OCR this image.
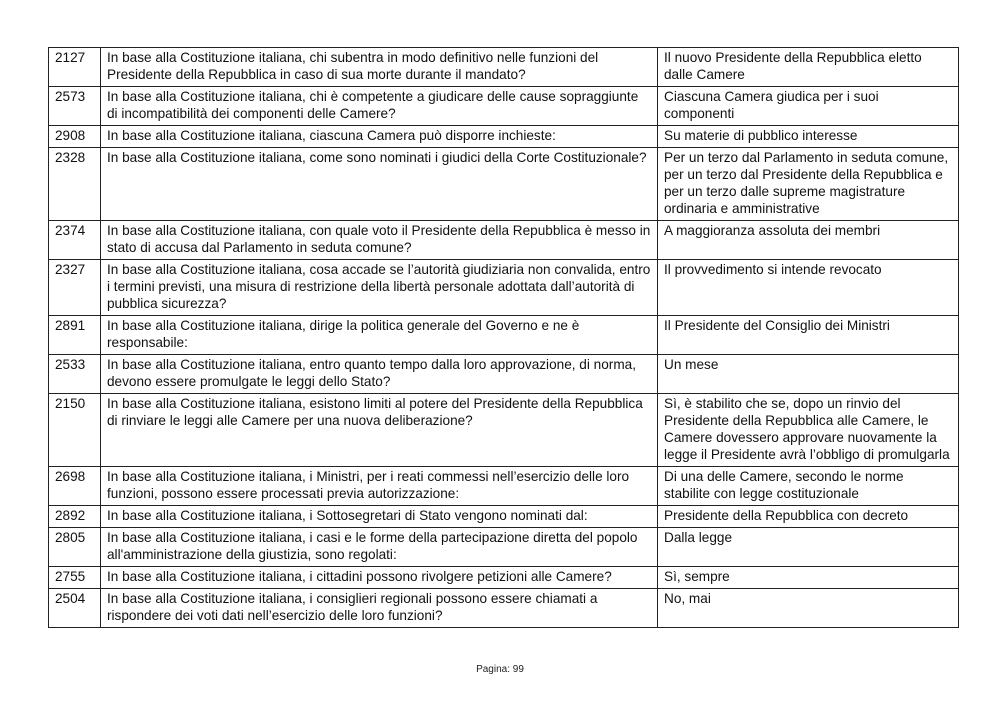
2127	In base alla Costituzione italiana, chi subentra in modo definitivo nelle funzioni del Presidente della Repubblica in caso di sua morte durante il mandato?	Il nuovo Presidente della Repubblica eletto dalle Camere
2573	In base alla Costituzione italiana, chi è competente a giudicare delle cause sopraggiunte di incompatibilità dei componenti delle Camere?	Ciascuna Camera giudica per i suoi componenti
2908	In base alla Costituzione italiana, ciascuna Camera può disporre inchieste:	Su materie di pubblico interesse
2328	In base alla Costituzione italiana, come sono nominati i giudici della Corte Costituzionale?	Per un terzo dal Parlamento in seduta comune, per un terzo dal Presidente della Repubblica e per un terzo dalle supreme magistrature ordinaria e amministrative
2374	In base alla Costituzione italiana, con quale voto il Presidente della Repubblica è messo in stato di accusa dal Parlamento in seduta comune?	A maggioranza assoluta dei membri
2327	In base alla Costituzione italiana, cosa accade se l’autorità giudiziaria non convalida, entro i termini previsti, una misura di restrizione della libertà personale adottata dall’autorità di pubblica sicurezza?	Il provvedimento si intende revocato
2891	In base alla Costituzione italiana, dirige la politica generale del Governo e ne è responsabile:	Il Presidente del Consiglio dei Ministri
2533	In base alla Costituzione italiana, entro quanto tempo dalla loro approvazione, di norma, devono essere promulgate le leggi dello Stato?	Un mese
2150	In base alla Costituzione italiana, esistono limiti al potere del Presidente della Repubblica di rinviare le leggi alle Camere per una nuova deliberazione?	Sì, è stabilito che se, dopo un rinvio del Presidente della Repubblica alle Camere, le Camere dovessero approvare nuovamente la legge il Presidente avrà l’obbligo di promulgarla
2698	In base alla Costituzione italiana, i Ministri, per i reati commessi nell’esercizio delle loro funzioni, possono essere processati previa autorizzazione:	Di una delle Camere, secondo le norme stabilite con legge costituzionale
2892	In base alla Costituzione italiana, i Sottosegretari di Stato vengono nominati dal:	Presidente della Repubblica con decreto
2805	In base alla Costituzione italiana, i casi e le forme della partecipazione diretta del popolo all'amministrazione della giustizia, sono regolati:	Dalla legge
2755	In base alla Costituzione italiana, i cittadini possono rivolgere petizioni alle Camere?	Sì, sempre
2504	In base alla Costituzione italiana, i consiglieri regionali possono essere chiamati a rispondere dei voti dati nell’esercizio delle loro funzioni?	No, mai
Pagina: 99
